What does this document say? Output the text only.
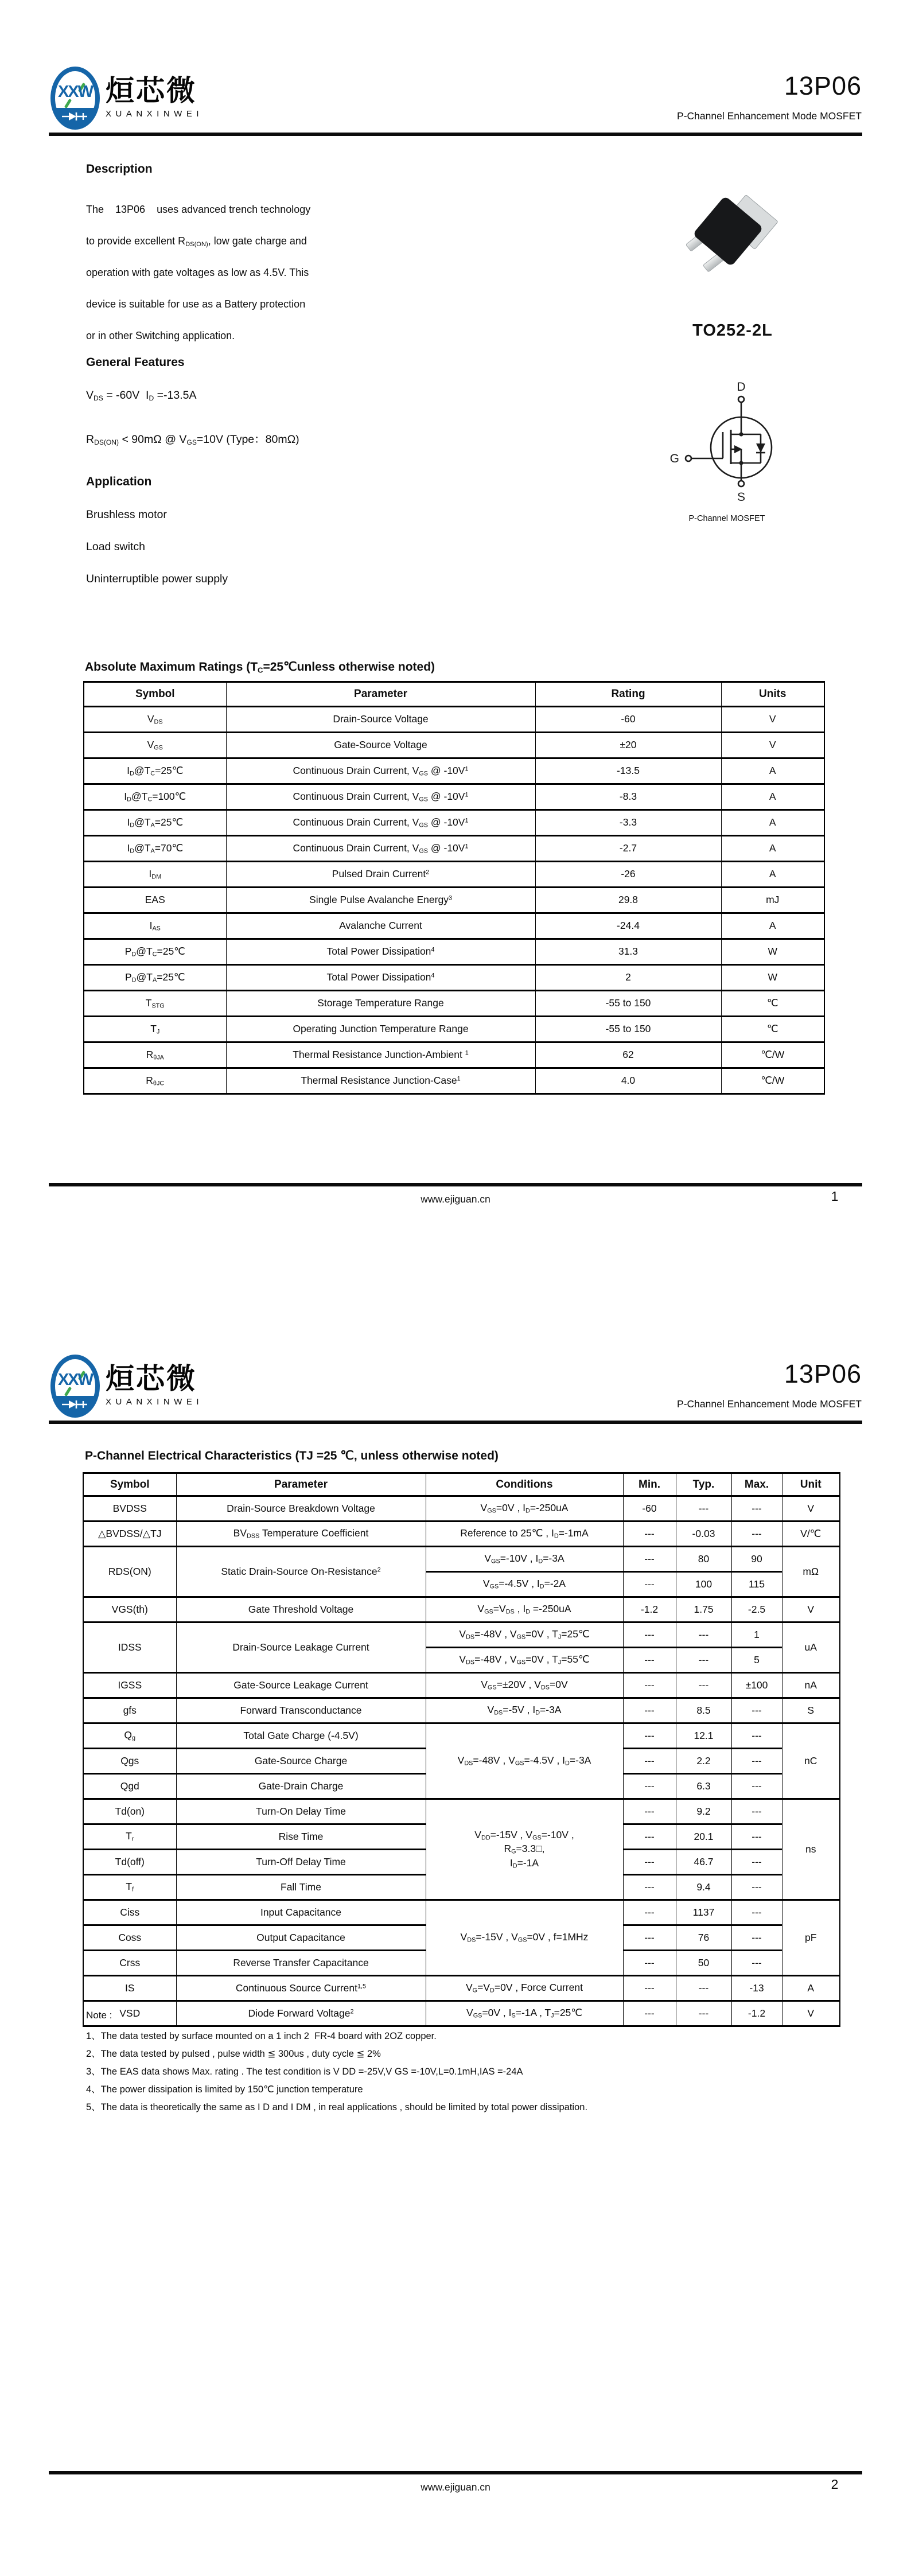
XXW 烜芯微
XUANXINWEI
13P06
P-Channel Enhancement Mode MOSFET
Description
The    13P06    uses advanced trench technology
to provide excellent $R_{DS(ON)}$, low gate charge and
operation with gate voltages as low as 4.5V. This
device is suitable for use as a Battery protection
or in other Switching application.
General Features
$V_{DS} = -60V$  $I_D =-13.5A$
$R_{DS(ON)} < 90m\Omega$ @ $V_{GS}=10V$ (Type：80mΩ)
Application
Brushless motor
Load switch
Uninterruptible power supply
TO252-2L
D
G
S
P-Channel MOSFET
Absolute Maximum Ratings ($T_C=25℃unless$ otherwise noted)
Symbol	Parameter	Rating	Units
$V_{DS}$	Drain-Source Voltage	-60	V
$V_{GS}$	Gate-Source Voltage	±20	V
$I_D@T_C=25℃$	Continuous Drain Current, $V_{GS}$ @ $-10V^1$	-13.5	A
$I_D@T_C=100℃$	Continuous Drain Current, $V_{GS}$ @ $-10V^1$	-8.3	A
$I_D@T_A=25℃$	Continuous Drain Current, $V_{GS}$ @ $-10V^1$	-3.3	A
$I_D@T_A=70℃$	Continuous Drain Current, $V_{GS}$ @ $-10V^1$	-2.7	A
$I_{DM}$	Pulsed Drain Current$^2$	-26	A
EAS	Single Pulse Avalanche Energy$^3$	29.8	mJ
$I_{AS}$	Avalanche Current	-24.4	A
$P_D@T_C=25℃$	Total Power Dissipation$^4$	31.3	W
$P_D@T_A=25℃$	Total Power Dissipation$^4$	2	W
$T_{STG}$	Storage Temperature Range	-55 to 150	℃
$T_J$	Operating Junction Temperature Range	-55 to 150	℃
$R_{\theta JA}$	Thermal Resistance Junction-Ambient $^1$	62	℃/W
$R_{\theta JC}$	Thermal Resistance Junction-Case$^1$	4.0	℃/W
www.ejiguan.cn	1
XXW 烜芯微
XUANXINWEI
13P06
P-Channel Enhancement Mode MOSFET
P-Channel Electrical Characteristics (TJ =25 ℃, unless otherwise noted)
Symbol	Parameter	Conditions	Min.	Typ.	Max.	Unit
BVDSS	Drain-Source Breakdown Voltage	$V_{GS}=0V$ , $I_D=-250uA$	-60	---	---	V
△BVDSS/△TJ	$BV_{DSS}$ Temperature Coefficient	Reference to 25℃ , $I_D=-1mA$	---	-0.03	---	V/℃
RDS(ON)	Static Drain-Source On-Resistance$^2$	$V_{GS}=-10V$ , $I_D=-3A$	---	80	90	mΩ
		$V_{GS}=-4.5V$ , $I_D=-2A$	---	100	115	
VGS(th)	Gate Threshold Voltage	$V_{GS}=V_{DS}$ , $I_D =-250uA$	-1.2	1.75	-2.5	V
IDSS	Drain-Source Leakage Current	$V_{DS}=-48V$ , $V_{GS}=0V$ , $T_J=25℃$	---	---	1	uA
		$V_{DS}=-48V$ , $V_{GS}=0V$ , $T_J=55℃$	---	---	5	
IGSS	Gate-Source Leakage Current	$V_{GS}=\pm 20V$ , $V_{DS}=0V$	---	---	±100	nA
gfs	Forward Transconductance	$V_{DS}=-5V$ , $I_D=-3A$	---	8.5	---	S
$Q_g$	Total Gate Charge (-4.5V)	$V_{DS}=-48V$ , $V_{GS}=-4.5V$ , $I_D=-3A$	---	12.1	---	nC
Qgs	Gate-Source Charge		---	2.2	---	
Qgd	Gate-Drain Charge		---	6.3	---	
Td(on)	Turn-On Delay Time	$V_{DD}=-15V$ , $V_{GS}=-10V$ ,
$R_G=3.3□$,
$I_D=-1A$	---	9.2	---	ns
$T_r$	Rise Time		---	20.1	---	
Td(off)	Turn-Off Delay Time		---	46.7	---	
$T_f$	Fall Time		---	9.4	---	
Ciss	Input Capacitance	$V_{DS}=-15V$ , $V_{GS}=0V$ , f=1MHz	---	1137	---	pF
Coss	Output Capacitance		---	76	---	
Crss	Reverse Transfer Capacitance		---	50	---	
IS	Continuous Source Current$^{1,5}$	$V_G=V_D=0V$ , Force Current	---	---	-13	A
VSD	Diode Forward Voltage$^2$	$V_{GS}=0V$ , $I_S=-1A$ , $T_J=25℃$	---	---	-1.2	V
Note :
1、The data tested by surface mounted on a 1 inch 2  FR-4 board with 2OZ copper.
2、The data tested by pulsed , pulse width ≦ 300us , duty cycle ≦ 2%
3、The EAS data shows Max. rating . The test condition is V DD =-25V,V GS =-10V,L=0.1mH,IAS =-24A
4、The power dissipation is limited by 150℃ junction temperature
5、The data is theoretically the same as I D and I DM , in real applications , should be limited by total power dissipation.
www.ejiguan.cn	2
